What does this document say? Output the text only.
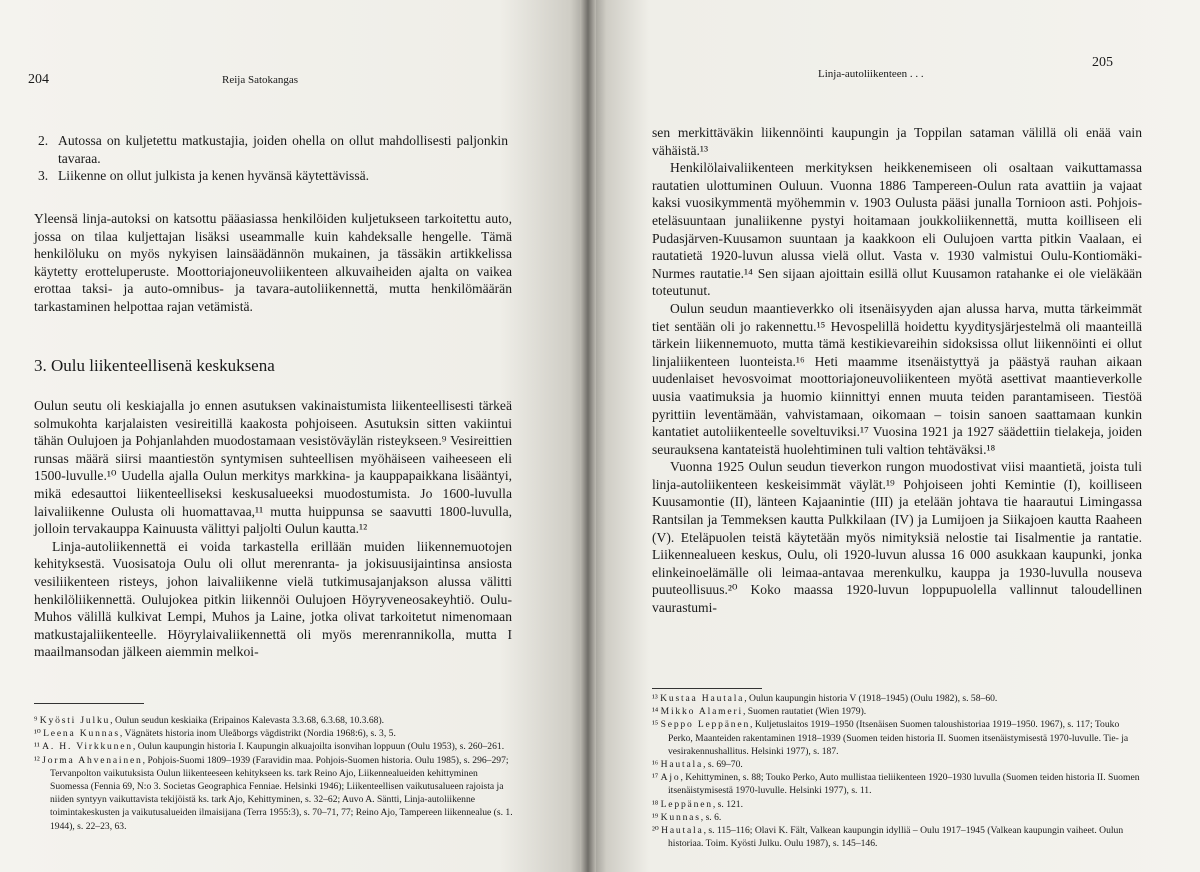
204	Reija Satokangas
2. Autossa on kuljetettu matkustajia, joiden ohella on ollut mahdollisesti paljonkin tavaraa.
3. Liikenne on ollut julkista ja kenen hyvänsä käytettävissä.

Yleensä linja-autoksi on katsottu pääasiassa henkilöiden kuljetukseen tarkoitettu auto, jossa on tilaa kuljettajan lisäksi useammalle kuin kahdeksalle hengelle. Tämä henkilöluku on myös nykyisen lainsäädännön mukainen, ja tässäkin artikkelissa käytetty erotteluperuste. Moottoriajoneuvoliikenteen alkuvaiheiden ajalta on vaikea erottaa taksi- ja auto-omnibus- ja tavara-autoliikennettä, mutta henkilömäärän tarkastaminen helpottaa rajan vetämistä.

3. Oulu liikenteellisenä keskuksena

Oulun seutu oli keskiajalla jo ennen asutuksen vakinaistumista liikenteellisesti tärkeä solmukohta karjalaisten vesireitillä kaakosta pohjoiseen. Asutuksin sitten vakiintui tähän Oulujoen ja Pohjanlahden muodostamaan vesistöväylän risteykseen.⁹ Vesireittien runsas määrä siirsi maantiestön syntymisen suhteellisen myöhäiseen vaiheeseen eli 1500-luvulle.¹⁰ Uudella ajalla Oulun merkitys markkina- ja kauppapaikkana lisääntyi, mikä edesauttoi liikenteelliseksi keskusalueeksi muodostumista. Jo 1600-luvulla laivaliikenne Oulusta oli huomattavaa,¹¹ mutta huippunsa se saavutti 1800-luvulla, jolloin tervakauppa Kainuusta välittyi paljolti Oulun kautta.¹²

Linja-autoliikennettä ei voida tarkastella erillään muiden liikennemuotojen kehityksestä. Vuosisatoja Oulu oli ollut merenranta- ja jokisuusijaintinsa ansiosta vesiliikenteen risteys, johon laivaliikenne vielä tutkimusajanjakson alussa välitti henkilöliikennettä. Oulujokea pitkin liikennöi Oulujoen Höyryveneosakeyhtiö. Oulu-Muhos välillä kulkivat Lempi, Muhos ja Laine, jotka olivat tarkoitetut nimenomaan matkustajaliikenteelle. Höyrylaivaliikennettä oli myös merenrannikolla, mutta I maailmansodan jälkeen aiemmin melkoi-

⁹ Kyösti Julku, Oulun seudun keskiaika (Eripainos Kalevasta 3.3.68, 6.3.68, 10.3.68).
¹⁰ Leena Kunnas, Vägnätets historia inom Uleåborgs vägdistrikt (Nordia 1968:6), s. 3, 5.
¹¹ A. H. Virkkunen, Oulun kaupungin historia I. Kaupungin alkuajoilta isonvihan loppuun (Oulu 1953), s. 260–261.
¹² Jorma Ahvenainen, Pohjois-Suomi 1809–1939 (Faravidin maa. Pohjois-Suomen historia. Oulu 1985), s. 296–297; Tervanpolton vaikutuksista Oulun liikenteeseen kehitykseen ks. tark Reino Ajo, Liikennealueiden kehittyminen Suomessa (Fennia 69, N:o 3. Societas Geographica Fenniae. Helsinki 1946); Liikenteellisen vaikutusalueen rajoista ja niiden syntyyn vaikuttavista tekijöistä ks. tark Ajo, Kehittyminen, s. 32–62; Auvo A. Säntti, Linja-autoliikenne toimintakeskusten ja vaikutusalueiden ilmaisijana (Terra 1955:3), s. 70–71, 77; Reino Ajo, Tampereen liikennealue (s. 1. 1944), s. 22–23, 63.
Linja-autoliikenteen . . .
205

sen merkittäväkin liikennöinti kaupungin ja Toppilan sataman välillä oli enää vain vähäistä.¹³

Henkilölaivaliikenteen merkityksen heikkenemiseen oli osaltaan vaikuttamassa rautatien ulottuminen Ouluun. Vuonna 1886 Tampereen-Oulun rata avattiin ja vajaat kaksi vuosikymmentä myöhemmin v. 1903 Oulusta pääsi junalla Tornioon asti. Pohjois-eteläsuuntaan junaliikenne pystyi hoitamaan joukkoliikennettä, mutta koilliseen eli Pudasjärven-Kuusamon suuntaan ja kaakkoon eli Oulujoen vartta pitkin Vaalaan, ei rautatietä 1920-luvun alussa vielä ollut. Vasta v. 1930 valmistui Oulu-Kontiomäki-Nurmes rautatie.¹⁴ Sen sijaan ajoittain esillä ollut Kuusamon ratahanke ei ole vieläkään toteutunut.

Oulun seudun maantieverkko oli itsenäisyyden ajan alussa harva, mutta tärkeimmät tiet sentään oli jo rakennettu.¹⁵ Hevospelillä hoidettu kyyditysjärjestelmä oli maanteillä tärkein liikennemuoto, mutta tämä kestikievareihin sidoksissa ollut liikennöinti ei ollut linjaliikenteen luonteista.¹⁶ Heti maamme itsenäistyttyä ja päästyä rauhan aikaan uudenlaiset hevosvoimat moottoriajoneuvoliikenteen myötä asettivat maantieverkolle uusia vaatimuksia ja huomio kiinnittyi ennen muuta teiden parantamiseen. Tiestöä pyrittiin leventämään, vahvistamaan, oikomaan – toisin sanoen saattamaan kunkin kantatiet autoliikenteelle soveltuviksi.¹⁷ Vuosina 1921 ja 1927 säädettiin tielakeja, joiden seurauksena kantateistä huolehtiminen tuli valtion tehtäväksi.¹⁸

Vuonna 1925 Oulun seudun tieverkon rungon muodostivat viisi maantietä, joista tuli linja-autoliikenteen keskeisimmät väylät.¹⁹ Pohjoiseen johti Kemintie (I), koilliseen Kuusamontie (II), länteen Kajaanintie (III) ja etelään johtava tie haarautui Limingassa Rantsilan ja Temmeksen kautta Pulkkilaan (IV) ja Lumijoen ja Siikajoen kautta Raaheen (V). Eteläpuolen teistä käytetään myös nimityksiä nelostie tai Iisalmentie ja rantatie. Liikennealueen keskus, Oulu, oli 1920-luvun alussa 16 000 asukkaan kaupunki, jonka elinkeinoelämälle oli leimaa-antavaa merenkulku, kauppa ja 1930-luvulla nouseva puuteollisuus.²⁰ Koko maassa 1920-luvun loppupuolella vallinnut taloudellinen vaurastumi-

¹³ Kustaa Hautala, Oulun kaupungin historia V (1918–1945) (Oulu 1982), s. 58–60.
¹⁴ Mikko Alameri, Suomen rautatiet (Wien 1979).
¹⁵ Seppo Leppänen, Kuljetuslaitos 1919–1950 (Itsenäisen Suomen taloushistoriaa 1919–1950. 1967), s. 117; Touko Perko, Maanteiden rakentaminen 1918–1939 (Suomen teiden historia II. Suomen itsenäistymisestä 1970-luvulle. Tie- ja vesirakennushallitus. Helsinki 1977), s. 187.
¹⁶ Hautala, s. 69–70.
¹⁷ Ajo, Kehittyminen, s. 88; Touko Perko, Auto mullistaa tieliikenteen 1920–1930 luvulla (Suomen teiden historia II. Suomen itsenäistymisestä 1970-luvulle. Helsinki 1977), s. 11.
¹⁸ Leppänen, s. 121.
¹⁹ Kunnas, s. 6.
²⁰ Hautala, s. 115–116; Olavi K. Fält, Valkean kaupungin idylliä – Oulu 1917–1945 (Valkean kaupungin vaiheet. Oulun historiaa. Toim. Kyösti Julku. Oulu 1987), s. 145–146.
